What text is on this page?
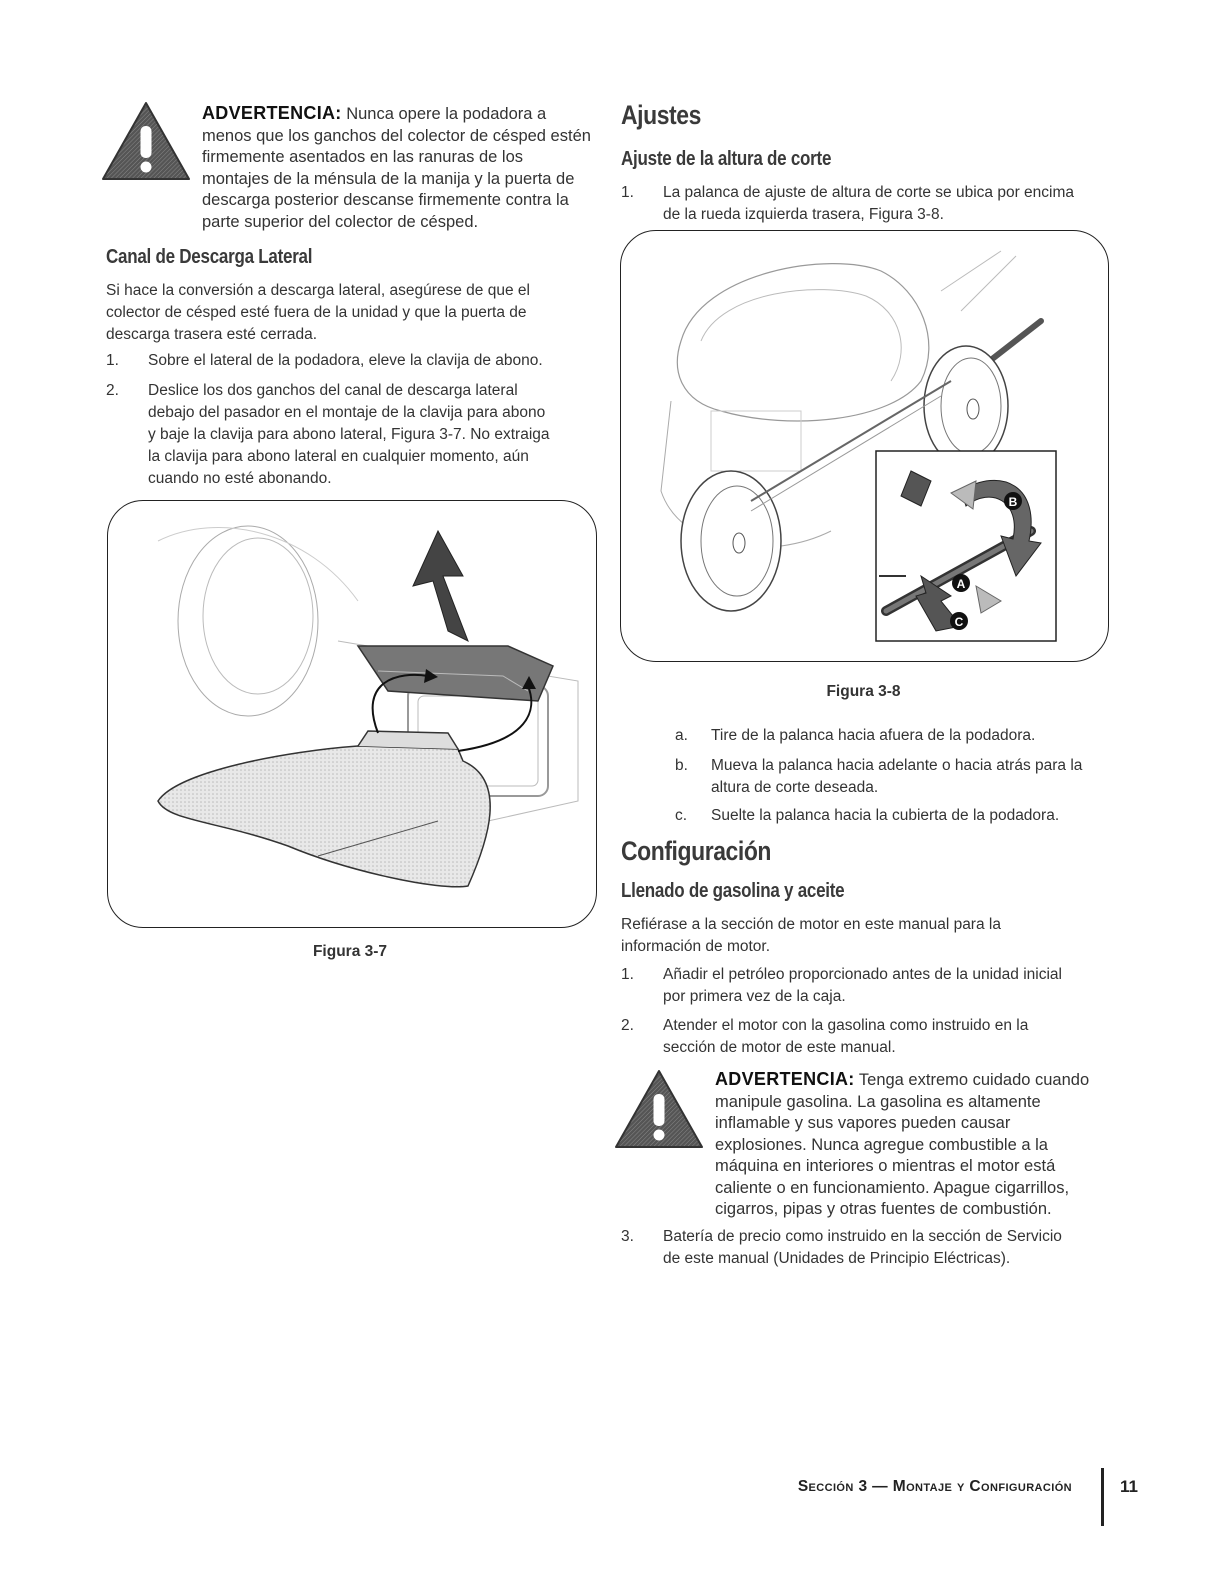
ADVERTENCIA: Nunca opere la podadora a
menos que los ganchos del colector de césped estén
firmemente asentados en las ranuras de los
montajes de la ménsula de la manija y la puerta de
descarga posterior descanse firmemente contra la
parte superior del colector de césped.
Canal de Descarga Lateral
Si hace la conversión a descarga lateral, asegúrese de que el
colector de césped esté fuera de la unidad y que la puerta de
descarga trasera esté cerrada.
1.	Sobre el lateral de la podadora, eleve la clavija de abono.
2.	Deslice los dos ganchos del canal de descarga lateral
debajo del pasador en el montaje de la clavija para abono
y baje la clavija para abono lateral, Figura 3-7. No extraiga
la clavija para abono lateral en cualquier momento, aún
cuando no esté abonando.
Figura 3-7
Ajustes
Ajuste de la altura de corte
1.	La palanca de ajuste de altura de corte se ubica por encima
de la rueda izquierda trasera, Figura 3-8.
B
A
C
Figura 3-8
a.	Tire de la palanca hacia afuera de la podadora.
b.	Mueva la palanca hacia adelante o hacia atrás para la
altura de corte deseada.
c.	Suelte la palanca hacia la cubierta de la podadora.
Configuración
Llenado de gasolina y aceite
Refiérase a la sección de motor en este manual para la
información de motor.
1.	Añadir el petróleo proporcionado antes de la unidad inicial
por primera vez de la caja.
2.	Atender el motor con la gasolina como instruido en la
sección de motor de este manual.
ADVERTENCIA: Tenga extremo cuidado cuando
manipule gasolina. La gasolina es altamente
inflamable y sus vapores pueden causar
explosiones. Nunca agregue combustible a la
máquina en interiores o mientras el motor está
caliente o en funcionamiento. Apague cigarrillos,
cigarros, pipas y otras fuentes de combustión.
3.	Batería de precio como instruido en la sección de Servicio
de este manual (Unidades de Principio Eléctricas).
Sección 3 — Montaje y Configuración	11
